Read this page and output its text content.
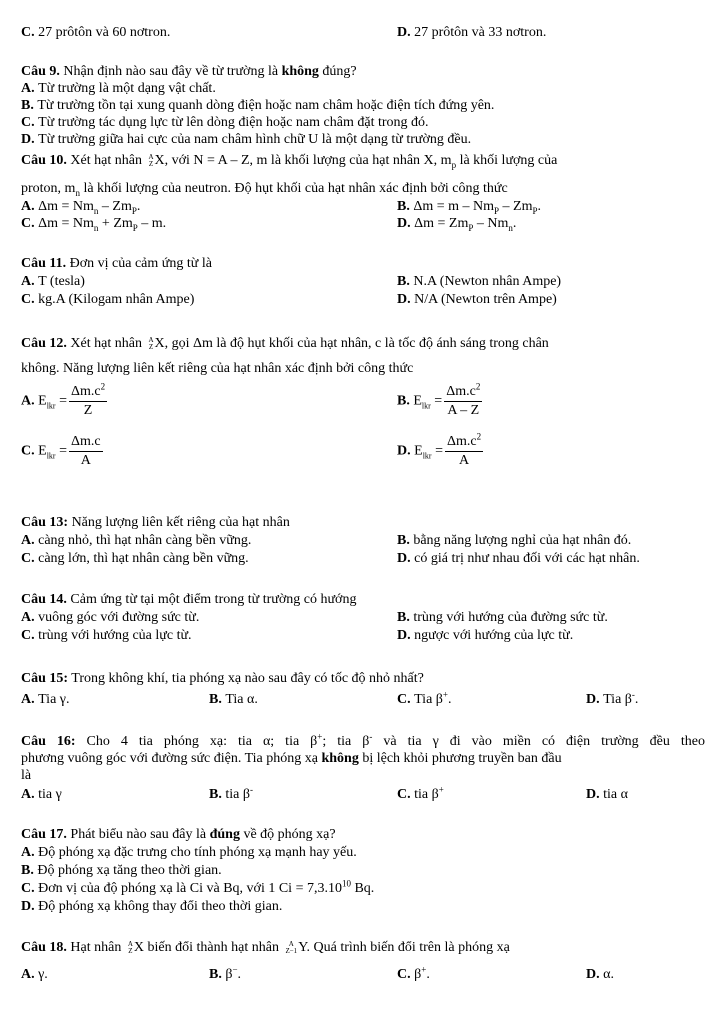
C. 27 prôtôn và 60 nơtron.	D. 27 prôtôn và 33 nơtron.
Câu 9. Nhận định nào sau đây về từ trường là không đúng?
A. Từ trường là một dạng vật chất.
B. Từ trường tồn tại xung quanh dòng điện hoặc nam châm hoặc điện tích đứng yên.
C. Từ trường tác dụng lực từ lên dòng điện hoặc nam châm đặt trong đó.
D. Từ trường giữa hai cực của nam châm hình chữ U là một dạng từ trường đều.
Câu 10. Xét hạt nhân A
Z X, với N = A – Z, m là khối lượng của hạt nhân X, $m_p$ là khối lượng của
proton, $m_n$ là khối lượng của neutron. Độ hụt khối của hạt nhân xác định bởi công thức
A. $\Delta m = Nm_n - Zm_P$.	B. $\Delta m = m - Nm_P - Zm_P$.
C. $\Delta m = Nm_n + Zm_P - m$.	D. $\Delta m = Zm_P - Nm_n$.
Câu 11. Đơn vị của cảm ứng từ là
A. T (tesla)	B. N.A (Newton nhân Ampe)
C. kg.A (Kilogam nhân Ampe)	D. N/A (Newton trên Ampe)
Câu 12. Xét hạt nhân A
Z X, gọi Δm là độ hụt khối của hạt nhân, c là tốc độ ánh sáng trong chân
không. Năng lượng liên kết riêng của hạt nhân xác định bởi công thức
A. $E_{lkr} = \frac{\Delta m.c^2}{Z}$	B. $E_{lkr} = \frac{\Delta m.c^2}{A - Z}$
C. $E_{lkr} = \frac{\Delta m.c}{A}$	D. $E_{lkr} = \frac{\Delta m.c^2}{A}$
Câu 13: Năng lượng liên kết riêng của hạt nhân
A. càng nhỏ, thì hạt nhân càng bền vững.	B. bằng năng lượng nghỉ của hạt nhân đó.
C. càng lớn, thì hạt nhân càng bền vững.	D. có giá trị như nhau đối với các hạt nhân.
Câu 14. Cảm ứng từ tại một điểm trong từ trường có hướng
A. vuông góc với đường sức từ.	B. trùng với hướng của đường sức từ.
C. trùng với hướng của lực từ.	D. ngược với hướng của lực từ.
Câu 15: Trong không khí, tia phóng xạ nào sau đây có tốc độ nhỏ nhất?
A. Tia γ.	B. Tia α.	C. Tia β+.	D. Tia β-.
Câu 16: Cho 4 tia phóng xạ: tia α; tia β+; tia β- và tia γ đi vào miền có điện trường đều theo
phương vuông góc với đường sức điện. Tia phóng xạ không bị lệch khỏi phương truyền ban đầu
là
A. tia γ	B. tia β-	C. tia β+	D. tia α
Câu 17. Phát biểu nào sau đây là đúng về độ phóng xạ?
A. Độ phóng xạ đặc trưng cho tính phóng xạ mạnh hay yếu.
B. Độ phóng xạ tăng theo thời gian.
C. Đơn vị của độ phóng xạ là Ci và Bq, với 1 $Ci = 7,3.10^{10}$ Bq.
D. Độ phóng xạ không thay đổi theo thời gian.
Câu 18. Hạt nhân A
Z X biến đổi thành hạt nhân A
Z−1 Y. Quá trình biến đổi trên là phóng xạ
A. γ.	B. β−.	C. β+.	D. α.
